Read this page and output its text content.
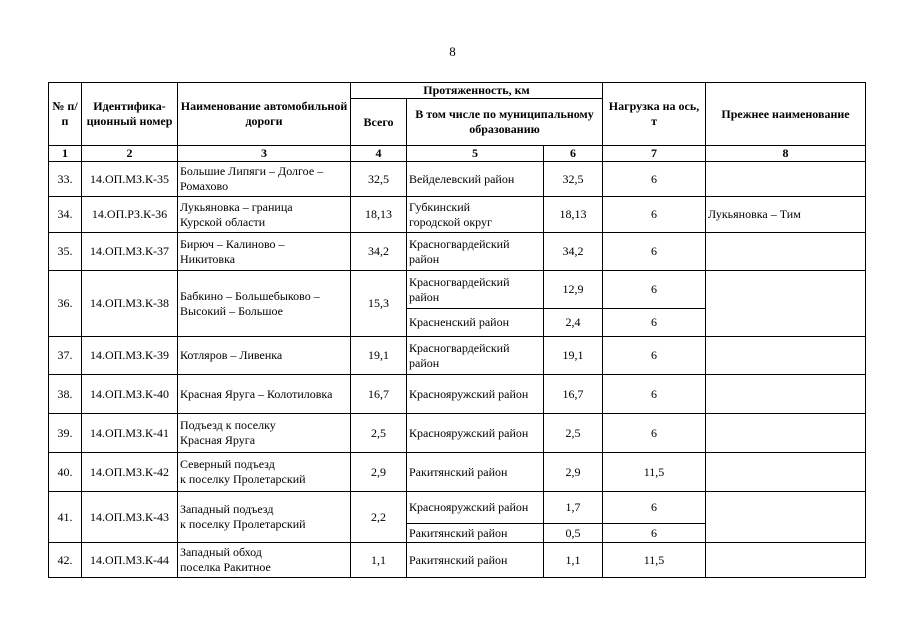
8
№ п/п	Идентифика-ционный номер	Наименование автомобильной дороги	Протяженность, км			Нагрузка на ось, т	Прежнее наименование
			Всего	В том числе по муниципальному образованию			
1	2	3	4	5	6	7	8
33.	14.ОП.МЗ.К-35	Большие Липяги – Долгое –
Ромахово	32,5	Вейделевский район	32,5	6	
34.	14.ОП.РЗ.К-36	Лукьяновка – граница
Курской области	18,13	Губкинский
городской округ	18,13	6	Лукьяновка – Тим
35.	14.ОП.МЗ.К-37	Бирюч – Калиново –
Никитовка	34,2	Красногвардейский
район	34,2	6	
36.	14.ОП.МЗ.К-38	Бабкино – Большебыково –
Высокий – Большое	15,3	Красногвардейский
район	12,9	6	

				Красненский район	2,4	6	
37.	14.ОП.МЗ.К-39	Котляров – Ливенка	19,1	Красногвардейский
район	19,1	6	
38.	14.ОП.МЗ.К-40	Красная Яруга – Колотиловка	16,7	Краснояружский район	16,7	6	
39.	14.ОП.МЗ.К-41	Подъезд к поселку
Красная Яруга	2,5	Краснояружский район	2,5	6	
40.	14.ОП.МЗ.К-42	Северный подъезд
к поселку Пролетарский	2,9	Ракитянский район	2,9	11,5	
41.	14.ОП.МЗ.К-43	Западный подъезд
к поселку Пролетарский	2,2	Краснояружский район	1,7	6	

				Ракитянский район	0,5	6	
42.	14.ОП.МЗ.К-44	Западный обход
поселка Ракитное	1,1	Ракитянский район	1,1	11,5	
